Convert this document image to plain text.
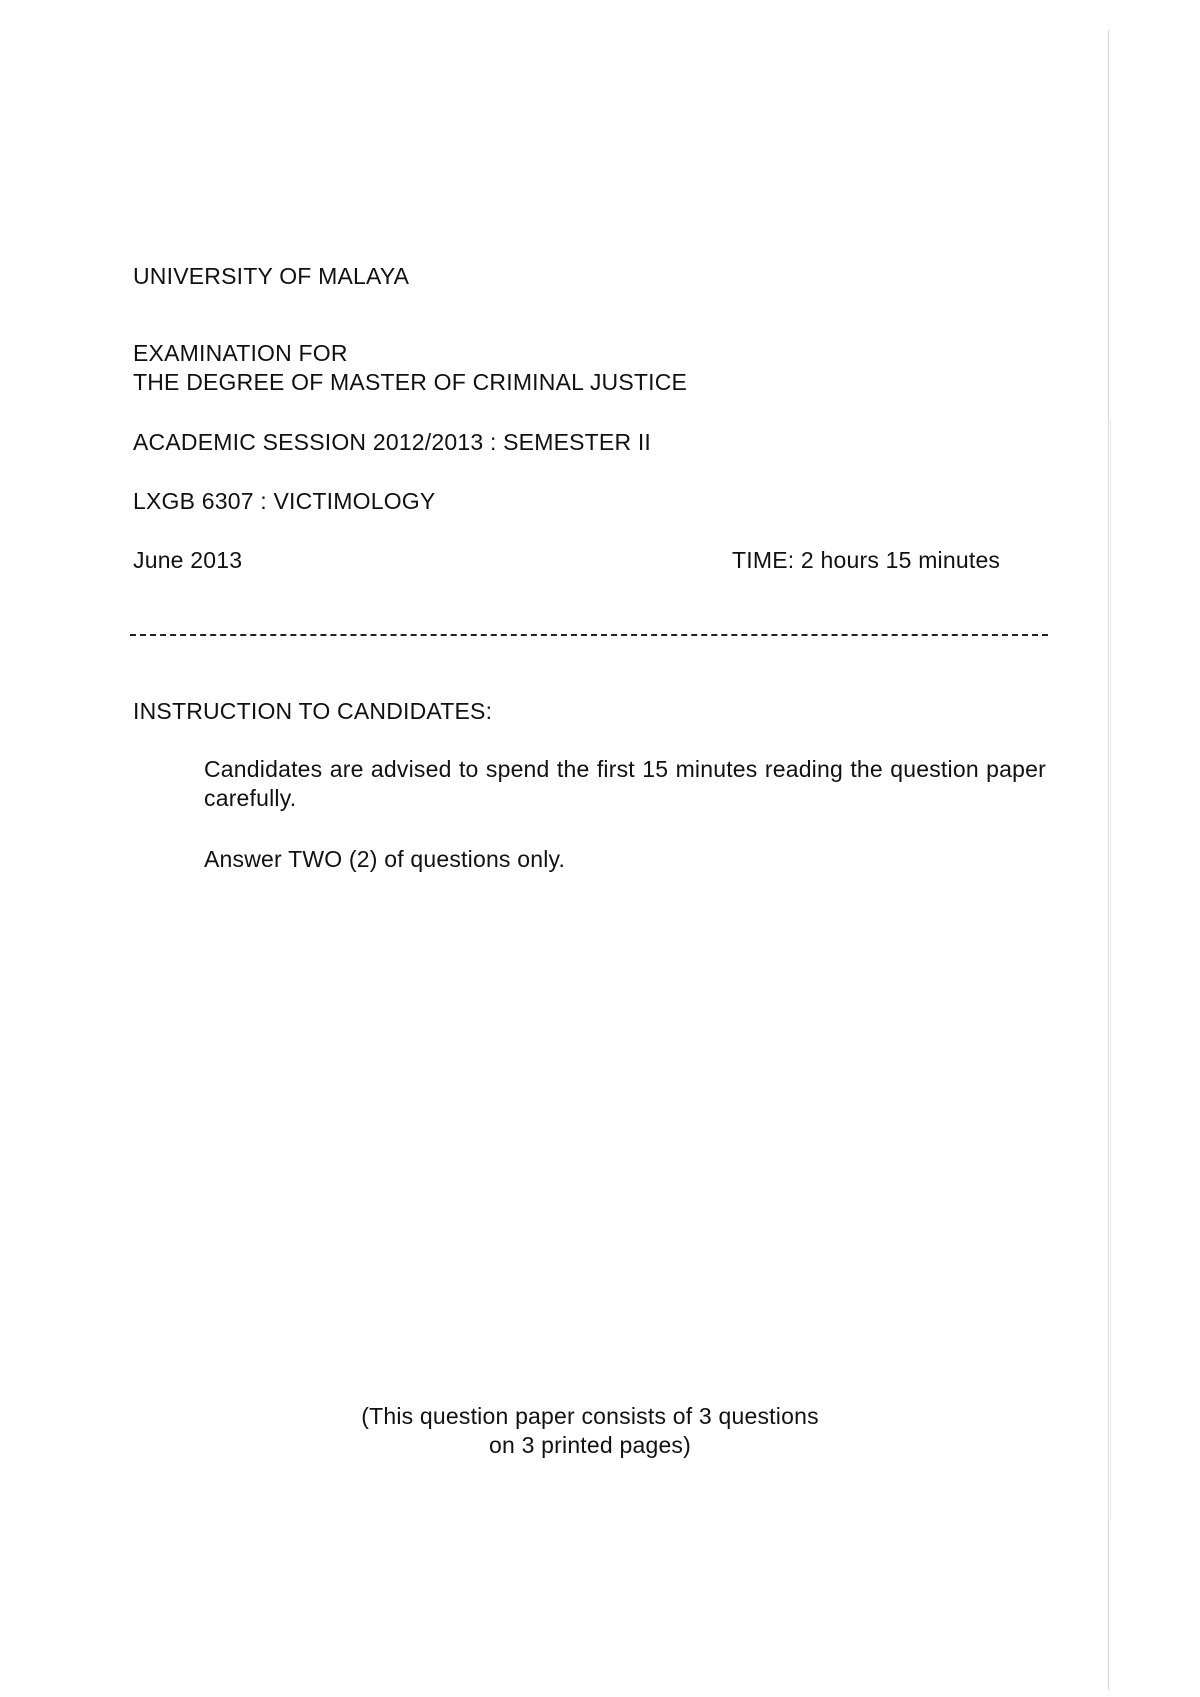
UNIVERSITY OF MALAYA
EXAMINATION FOR
THE DEGREE OF MASTER OF CRIMINAL JUSTICE
ACADEMIC SESSION 2012/2013 : SEMESTER II
LXGB 6307 : VICTIMOLOGY
June 2013	TIME: 2 hours 15 minutes
INSTRUCTION TO CANDIDATES:
Candidates are advised to spend the first 15 minutes reading the question paper carefully.
Answer TWO (2) of questions only.
(This question paper consists of 3 questions
on 3 printed pages)
